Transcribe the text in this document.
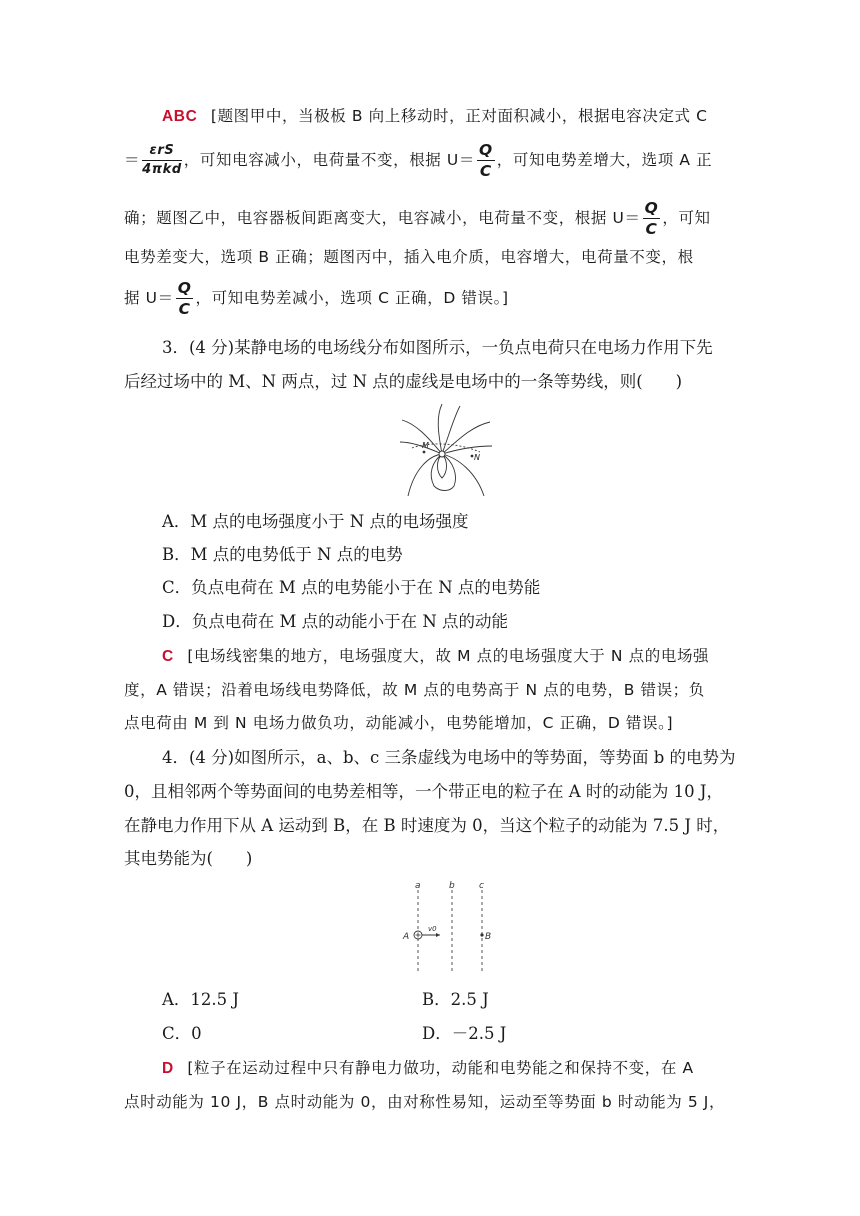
ABC [题图甲中，当极板 B 向上移动时，正对面积减小，根据电容决定式 C
＝ $\frac{\text{εrS}}{\text{4πkd}}$ ，可知电容减小，电荷量不变，根据 $U= \frac{Q}{C}$ ，可知电势差增大，选项 A 正
确；题图乙中，电容器板间距离变大，电容减小，电荷量不变，根据 $U= \frac{Q}{C}$ ，可知
电势差变大，选项 B 正确；题图丙中，插入电介质，电容增大，电荷量不变，根
据 $U= \frac{Q}{C}$ ，可知电势差减小，选项 C 正确，D 错误。]
3．(4 分)某静电场的电场线分布如图所示，一负点电荷只在电场力作用下先
后经过场中的 M、N 两点，过 N 点的虚线是电场中的一条等势线，则(　　)
M
N
A．M 点的电场强度小于 N 点的电场强度
B．M 点的电势低于 N 点的电势
C．负点电荷在 M 点的电势能小于在 N 点的电势能
D．负点电荷在 M 点的动能小于在 N 点的动能
C [电场线密集的地方，电场强度大，故 M 点的电场强度大于 N 点的电场强
度，A 错误；沿着电场线电势降低，故 M 点的电势高于 N 点的电势，B 错误；负
点电荷由 M 到 N 电场力做负功，动能减小，电势能增加，C 正确，D 错误。]
4．(4 分)如图所示，a、b、c 三条虚线为电场中的等势面，等势面 b 的电势为
0，且相邻两个等势面间的电势差相等，一个带正电的粒子在 A 时的动能为 10 J，
在静电力作用下从 A 运动到 B，在 B 时速度为 0，当这个粒子的动能为 7.5 J 时，
其电势能为(　　)
a	b	c
A
v0
B
A．12.5 J	B．2.5 J
C．0	D．－2.5 J
D [粒子在运动过程中只有静电力做功，动能和电势能之和保持不变，在 A
点时动能为 10 J，B 点时动能为 0，由对称性易知，运动至等势面 b 时动能为 5 J，
